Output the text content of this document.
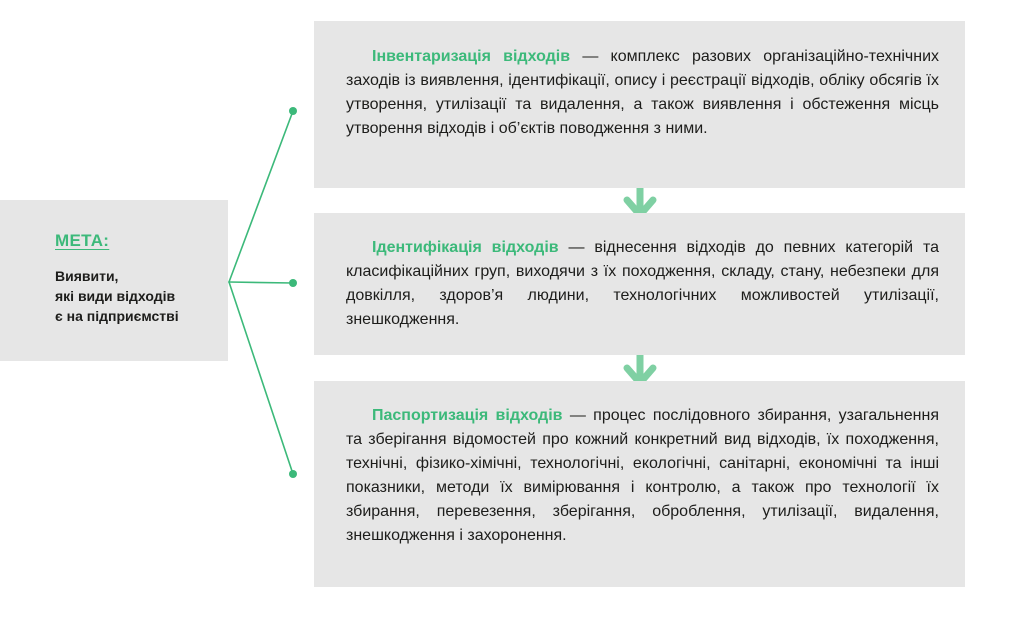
МЕТА:

Виявити,
які види відходів
є на підприємстві

Інвентаризація відходів — комплекс разових організаційно-технічних заходів із виявлення, ідентифікації, опису і реєстрації відходів, обліку обсягів їх утворення, утилізації та видалення, а також виявлення і обстеження місць утворення відходів і об’єктів поводження з ними.

Ідентифікація відходів — віднесення відходів до певних категорій та класифікаційних груп, виходячи з їх походження, складу, стану, небезпеки для довкілля, здоров’я людини, технологічних можливостей утилізації, знешкодження.

Паспортизація відходів — процес послідовного збирання, узагальнення та зберігання відомостей про кожний конкретний вид відходів, їх походження, технічні, фізико-хімічні, технологічні, екологічні, санітарні, економічні та інші показники, методи їх вимірювання і контролю, а також про технології їх збирання, перевезення, зберігання, оброблення, утилізації, видалення, знешкодження і захоронення.
